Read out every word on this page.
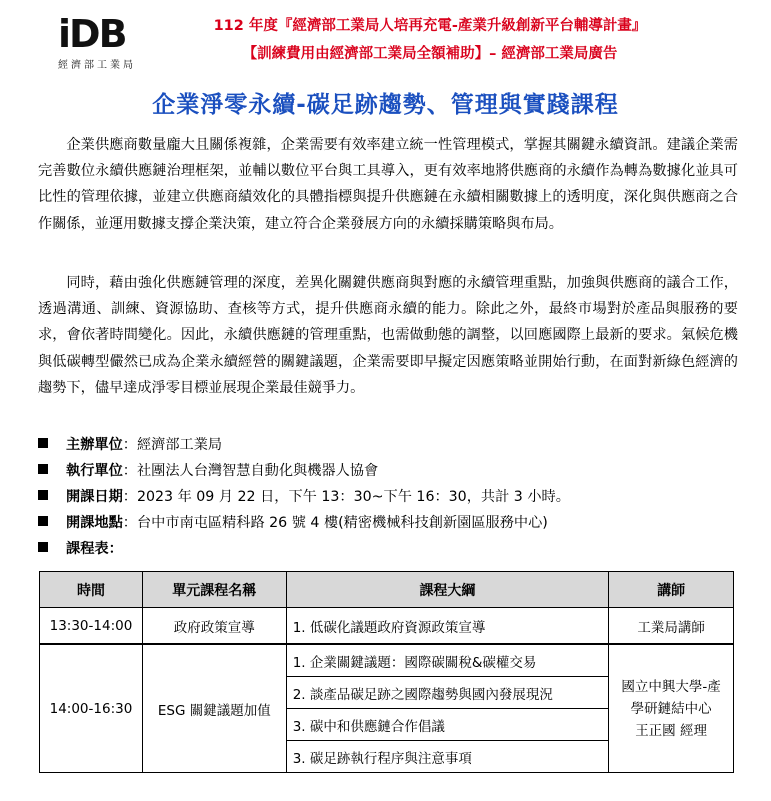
iDB
經濟部工業局
112 年度『經濟部工業局人培再充電-產業升級創新平台輔導計畫』
【訓練費用由經濟部工業局全額補助】– 經濟部工業局廣告
企業淨零永續-碳足跡趨勢、管理與實踐課程

企業供應商數量龐大且關係複雜，企業需要有效率建立統一性管理模式，掌握其關鍵永續資訊。建議企業需完善數位永續供應鏈治理框架，並輔以數位平台與工具導入，更有效率地將供應商的永續作為轉為數據化並具可比性的管理依據，並建立供應商績效化的具體指標與提升供應鏈在永續相關數據上的透明度，深化與供應商之合作關係，並運用數據支撐企業決策，建立符合企業發展方向的永續採購策略與布局。

同時，藉由強化供應鏈管理的深度，差異化關鍵供應商與對應的永續管理重點，加強與供應商的議合工作，透過溝通、訓練、資源協助、查核等方式，提升供應商永續的能力。除此之外，最終市場對於產品與服務的要求，會依著時間變化。因此，永續供應鏈的管理重點，也需做動態的調整，以回應國際上最新的要求。氣候危機與低碳轉型儼然已成為企業永續經營的關鍵議題，企業需要即早擬定因應策略並開始行動，在面對新綠色經濟的趨勢下，儘早達成淨零目標並展現企業最佳競爭力。

主辦單位：經濟部工業局
執行單位：社團法人台灣智慧自動化與機器人協會
開課日期：2023 年 09 月 22 日，下午 13：30~下午 16：30，共計 3 小時。
開課地點：台中市南屯區精科路 26 號 4 樓(精密機械科技創新園區服務中心)
課程表：
時間	單元課程名稱	課程大綱	講師
13:30-14:00	政府政策宣導	1. 低碳化議題政府資源政策宣導	工業局講師
14:00-16:30	ESG 關鍵議題加值	1. 企業關鍵議題：國際碳關稅&碳權交易	國立中興大學-產
學研鏈結中心
王正國 經理

		2. 談產品碳足跡之國際趨勢與國內發展現況	
		3. 碳中和供應鏈合作倡議	
		3. 碳足跡執行程序與注意事項	
